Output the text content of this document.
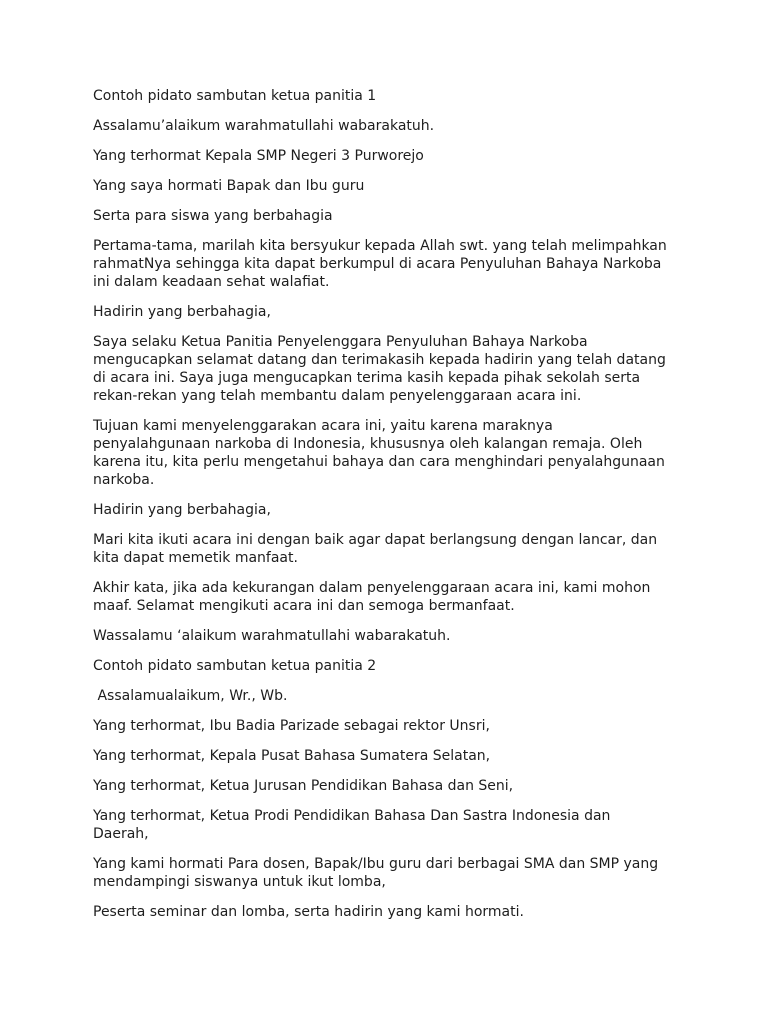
Contoh pidato sambutan ketua panitia 1
Assalamu’alaikum warahmatullahi wabarakatuh.
Yang terhormat Kepala SMP Negeri 3 Purworejo
Yang saya hormati Bapak dan Ibu guru
Serta para siswa yang berbahagia
Pertama-tama, marilah kita bersyukur kepada Allah swt. yang telah melimpahkan
rahmatNya sehingga kita dapat berkumpul di acara Penyuluhan Bahaya Narkoba
ini dalam keadaan sehat walafiat.
Hadirin yang berbahagia,
Saya selaku Ketua Panitia Penyelenggara Penyuluhan Bahaya Narkoba
mengucapkan selamat datang dan terimakasih kepada hadirin yang telah datang
di acara ini. Saya juga mengucapkan terima kasih kepada pihak sekolah serta
rekan-rekan yang telah membantu dalam penyelenggaraan acara ini.
Tujuan kami menyelenggarakan acara ini, yaitu karena maraknya
penyalahgunaan narkoba di Indonesia, khususnya oleh kalangan remaja. Oleh
karena itu, kita perlu mengetahui bahaya dan cara menghindari penyalahgunaan
narkoba.
Hadirin yang berbahagia,
Mari kita ikuti acara ini dengan baik agar dapat berlangsung dengan lancar, dan
kita dapat memetik manfaat.
Akhir kata, jika ada kekurangan dalam penyelenggaraan acara ini, kami mohon
maaf. Selamat mengikuti acara ini dan semoga bermanfaat.
Wassalamu ‘alaikum warahmatullahi wabarakatuh.
Contoh pidato sambutan ketua panitia 2
Assalamualaikum, Wr., Wb.
Yang terhormat, Ibu Badia Parizade sebagai rektor Unsri,
Yang terhormat, Kepala Pusat Bahasa Sumatera Selatan,
Yang terhormat, Ketua Jurusan Pendidikan Bahasa dan Seni,
Yang terhormat, Ketua Prodi Pendidikan Bahasa Dan Sastra Indonesia dan
Daerah,
Yang kami hormati Para dosen, Bapak/Ibu guru dari berbagai SMA dan SMP yang
mendampingi siswanya untuk ikut lomba,
Peserta seminar dan lomba, serta hadirin yang kami hormati.
